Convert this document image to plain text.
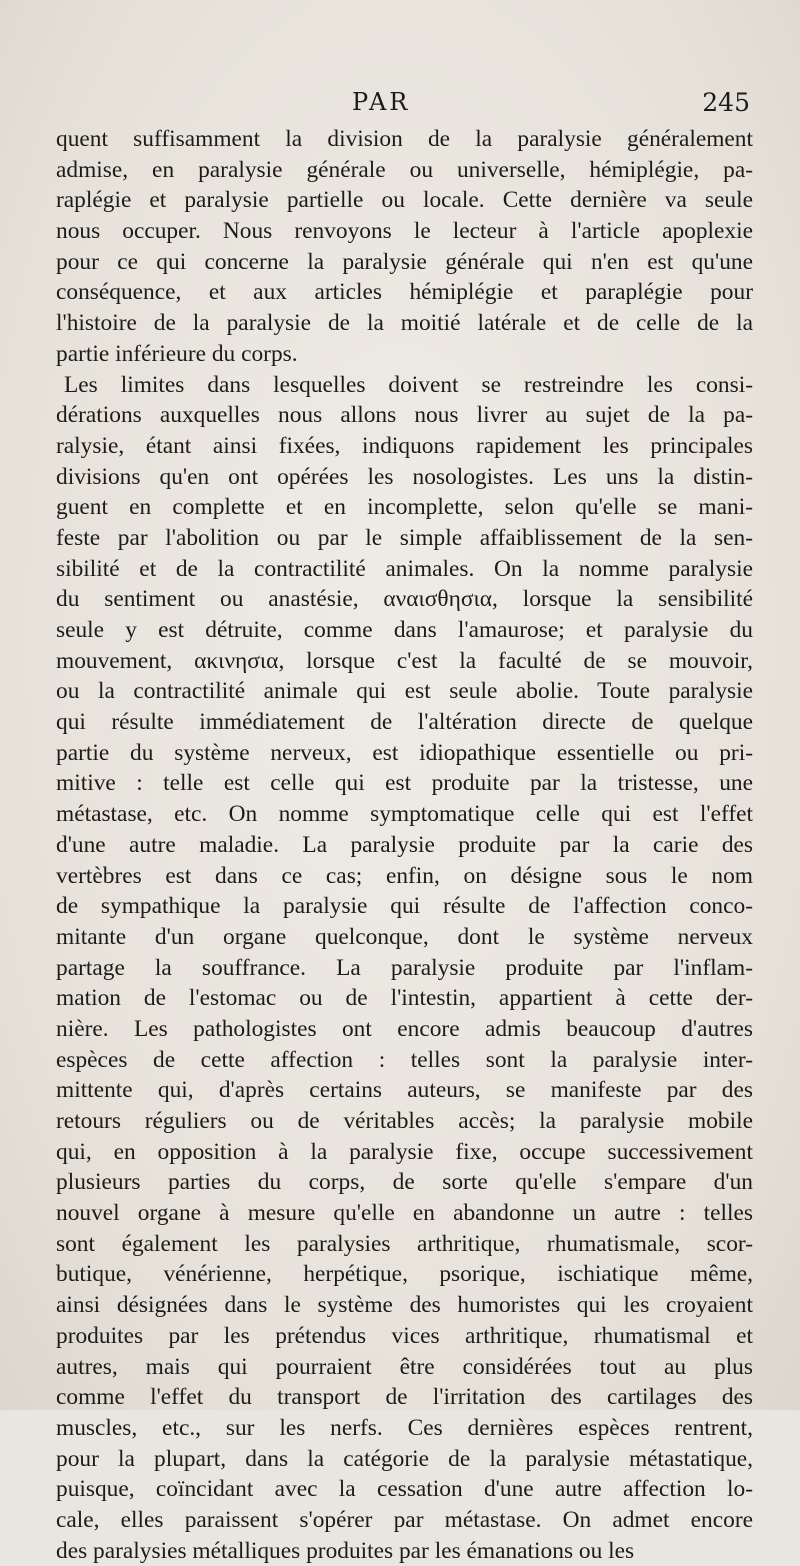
PAR	245
quent suffisamment la division de la paralysie généralement
admise, en paralysie générale ou universelle, hémiplégie, pa-
raplégie et paralysie partielle ou locale. Cette dernière va seule
nous occuper. Nous renvoyons le lecteur à l'article apoplexie
pour ce qui concerne la paralysie générale qui n'en est qu'une
conséquence, et aux articles hémiplégie et paraplégie pour
l'histoire de la paralysie de la moitié latérale et de celle de la
partie inférieure du corps.
Les limites dans lesquelles doivent se restreindre les consi-
dérations auxquelles nous allons nous livrer au sujet de la pa-
ralysie, étant ainsi fixées, indiquons rapidement les principales
divisions qu'en ont opérées les nosologistes. Les uns la distin-
guent en complette et en incomplette, selon qu'elle se mani-
feste par l'abolition ou par le simple affaiblissement de la sen-
sibilité et de la contractilité animales. On la nomme paralysie
du sentiment ou anastésie, αναισθησια, lorsque la sensibilité
seule y est détruite, comme dans l'amaurose; et paralysie du
mouvement, ακινησια, lorsque c'est la faculté de se mouvoir,
ou la contractilité animale qui est seule abolie. Toute paralysie
qui résulte immédiatement de l'altération directe de quelque
partie du système nerveux, est idiopathique essentielle ou pri-
mitive : telle est celle qui est produite par la tristesse, une
métastase, etc. On nomme symptomatique celle qui est l'effet
d'une autre maladie. La paralysie produite par la carie des
vertèbres est dans ce cas; enfin, on désigne sous le nom
de sympathique la paralysie qui résulte de l'affection conco-
mitante d'un organe quelconque, dont le système nerveux
partage la souffrance. La paralysie produite par l'inflam-
mation de l'estomac ou de l'intestin, appartient à cette der-
nière. Les pathologistes ont encore admis beaucoup d'autres
espèces de cette affection : telles sont la paralysie inter-
mittente qui, d'après certains auteurs, se manifeste par des
retours réguliers ou de véritables accès; la paralysie mobile
qui, en opposition à la paralysie fixe, occupe successivement
plusieurs parties du corps, de sorte qu'elle s'empare d'un
nouvel organe à mesure qu'elle en abandonne un autre : telles
sont également les paralysies arthritique, rhumatismale, scor-
butique, vénérienne, herpétique, psorique, ischiatique même,
ainsi désignées dans le système des humoristes qui les croyaient
produites par les prétendus vices arthritique, rhumatismal et
autres, mais qui pourraient être considérées tout au plus
comme l'effet du transport de l'irritation des cartilages des
muscles, etc., sur les nerfs. Ces dernières espèces rentrent,
pour la plupart, dans la catégorie de la paralysie métastatique,
puisque, coïncidant avec la cessation d'une autre affection lo-
cale, elles paraissent s'opérer par métastase. On admet encore
des paralysies métalliques produites par les émanations ou les
